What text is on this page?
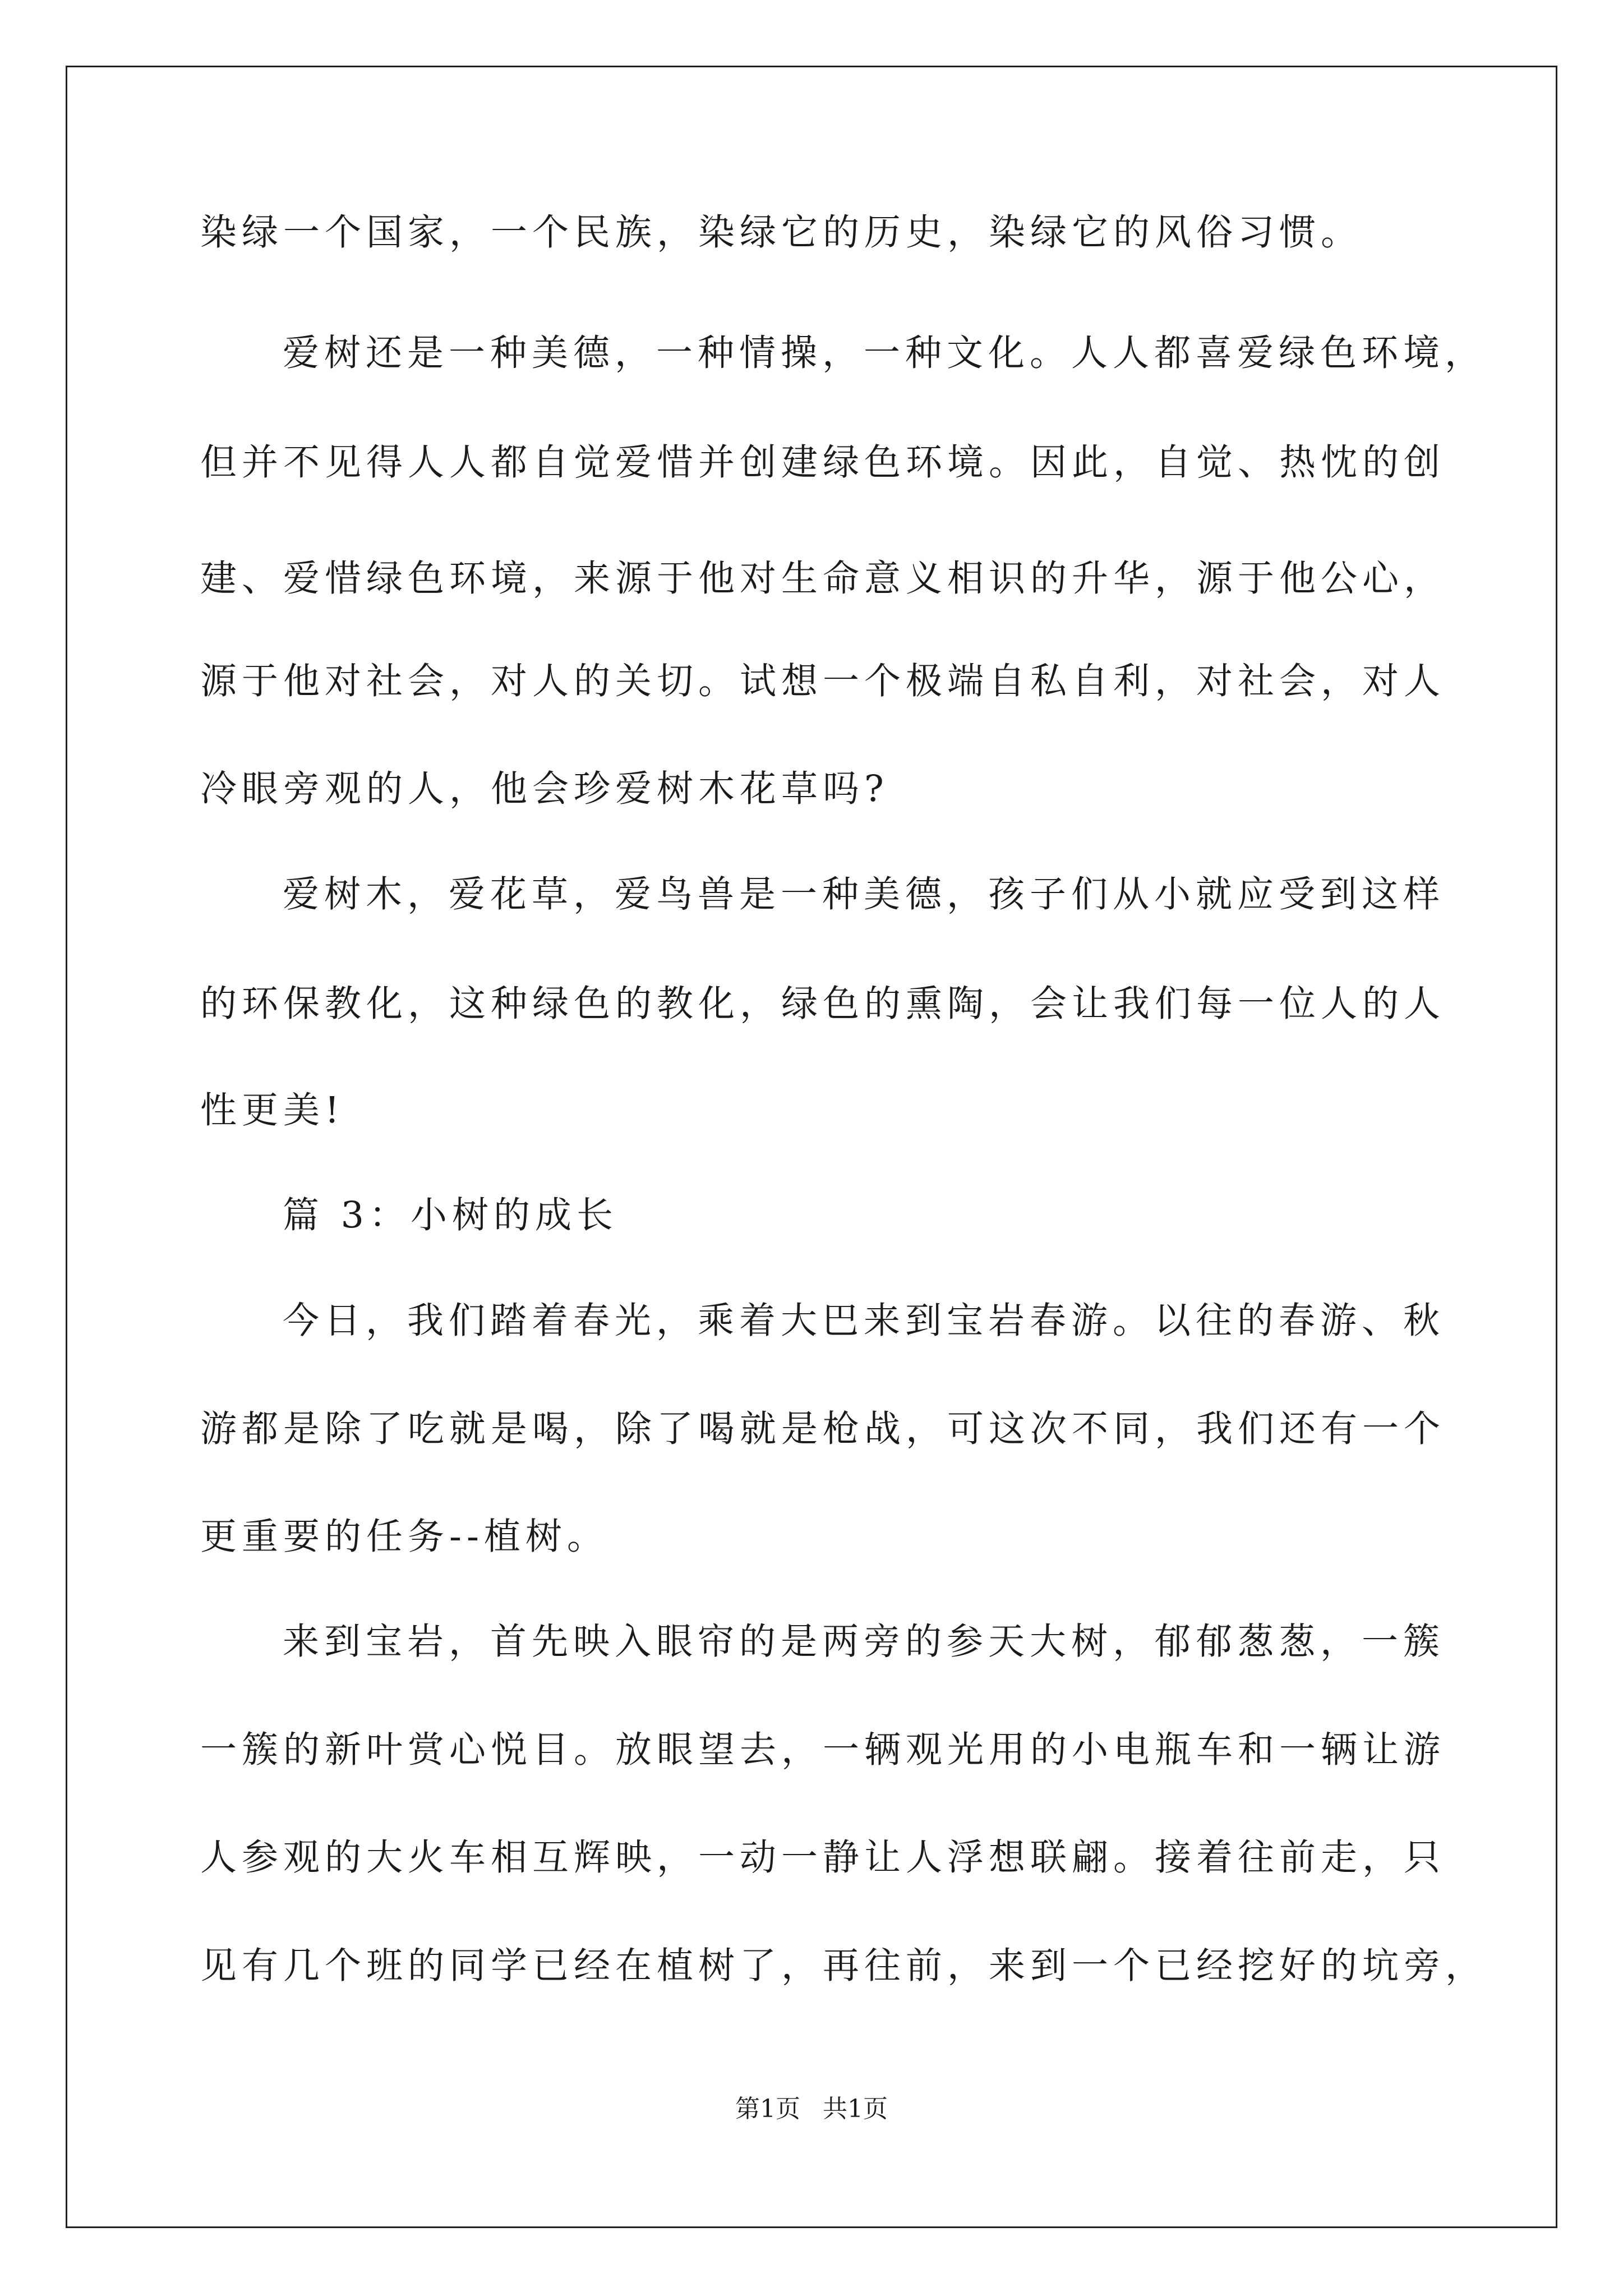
染绿一个国家，一个民族，染绿它的历史，染绿它的风俗习惯。

爱树还是一种美德，一种情操，一种文化。人人都喜爱绿色环境，

但并不见得人人都自觉爱惜并创建绿色环境。因此，自觉、热忱的创

建、爱惜绿色环境，来源于他对生命意义相识的升华，源于他公心，

源于他对社会，对人的关切。试想一个极端自私自利，对社会，对人

冷眼旁观的人，他会珍爱树木花草吗?

爱树木，爱花草，爱鸟兽是一种美德，孩子们从小就应受到这样

的环保教化，这种绿色的教化，绿色的熏陶，会让我们每一位人的人

性更美!

篇 3：小树的成长

今日，我们踏着春光，乘着大巴来到宝岩春游。以往的春游、秋

游都是除了吃就是喝，除了喝就是枪战，可这次不同，我们还有一个

更重要的任务--植树。

来到宝岩，首先映入眼帘的是两旁的参天大树，郁郁葱葱，一簇

一簇的新叶赏心悦目。放眼望去，一辆观光用的小电瓶车和一辆让游

人参观的大火车相互辉映，一动一静让人浮想联翩。接着往前走，只

见有几个班的同学已经在植树了，再往前，来到一个已经挖好的坑旁，

第1页 共1页
